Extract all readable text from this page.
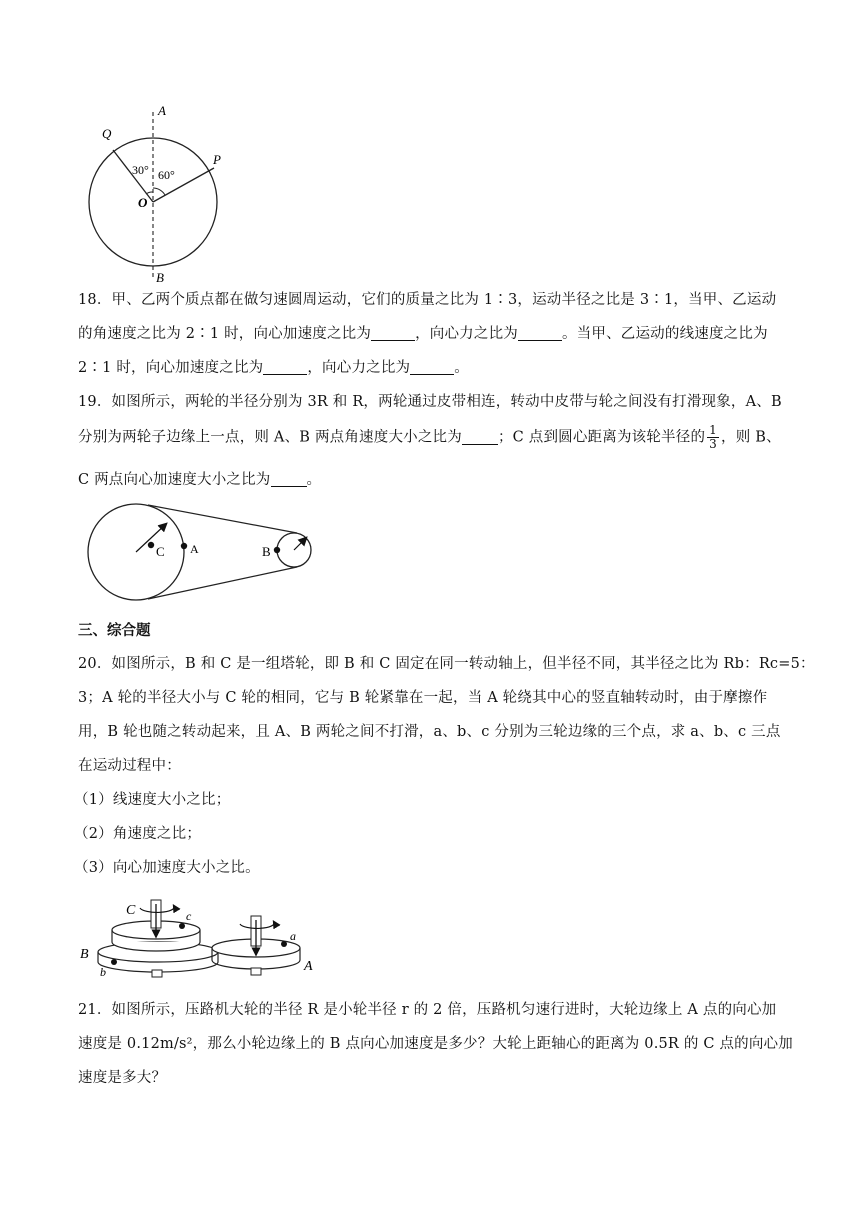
A
Q
P
O
B
30° 60°
18．甲、乙两个质点都在做匀速圆周运动，它们的质量之比为 1∶3，运动半径之比是 3∶1，当甲、乙运动
的角速度之比为 2∶1 时，向心加速度之比为	，向心力之比为	。当甲、乙运动的线速度之比为
2∶1 时，向心加速度之比为	，向心力之比为	。
19．如图所示，两轮的半径分别为 3R 和 R，两轮通过皮带相连，转动中皮带与轮之间没有打滑现象，A、B
分别为两轮子边缘上一点，则 A、B 两点角速度大小之比为 ；C 点到圆心距离为该轮半径的 $\frac{1}{3}$ ，则 B、
C 两点向心加速度大小之比为 。
C A	B
三、综合题
20．如图所示，B 和 C 是一组塔轮，即 B 和 C 固定在同一转动轴上，但半径不同，其半径之比为 Rb：Rc=5：
3；A 轮的半径大小与 C 轮的相同，它与 B 轮紧靠在一起，当 A 轮绕其中心的竖直轴转动时，由于摩擦作
用，B 轮也随之转动起来，且 A、B 两轮之间不打滑，a、b、c 分别为三轮边缘的三个点，求 a、b、c 三点
在运动过程中：
（1）线速度大小之比；
（2）角速度之比；
（3）向心加速度大小之比。
C	c
B
b
a
A
21．如图所示，压路机大轮的半径 R 是小轮半径 r 的 2 倍，压路机匀速行进时，大轮边缘上 A 点的向心加
速度是 0.12m/s²，那么小轮边缘上的 B 点向心加速度是多少？大轮上距轴心的距离为 0.5R 的 C 点的向心加
速度是多大？
